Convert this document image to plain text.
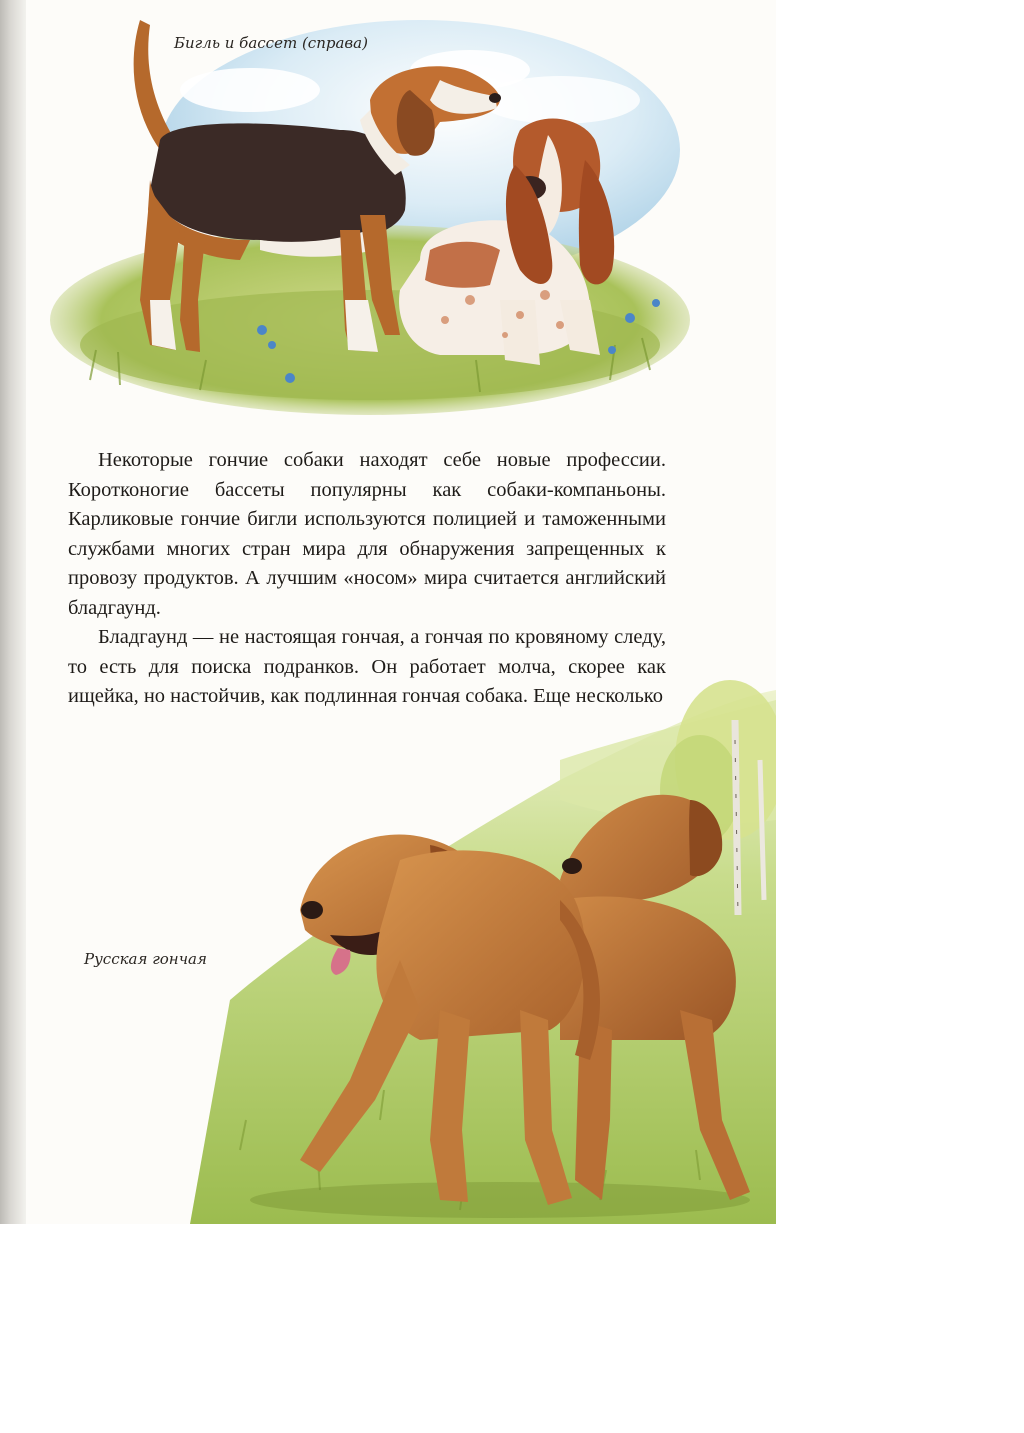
Бигль и бассет (справа)
Русская гончая

Некоторые гончие собаки находят себе новые профессии. Коротконогие бассеты популярны как собаки-компаньоны. Карликовые гончие бигли используются полицией и таможенными службами многих стран мира для обнаружения запрещенных к провозу продуктов. А лучшим «носом» мира считается английский бладгаунд.

Бладгаунд — не настоящая гончая, а гончая по кровяному следу, то есть для поиска подранков. Он работает молча, скорее как ищейка, но настойчив, как подлинная гончая собака. Еще несколько
